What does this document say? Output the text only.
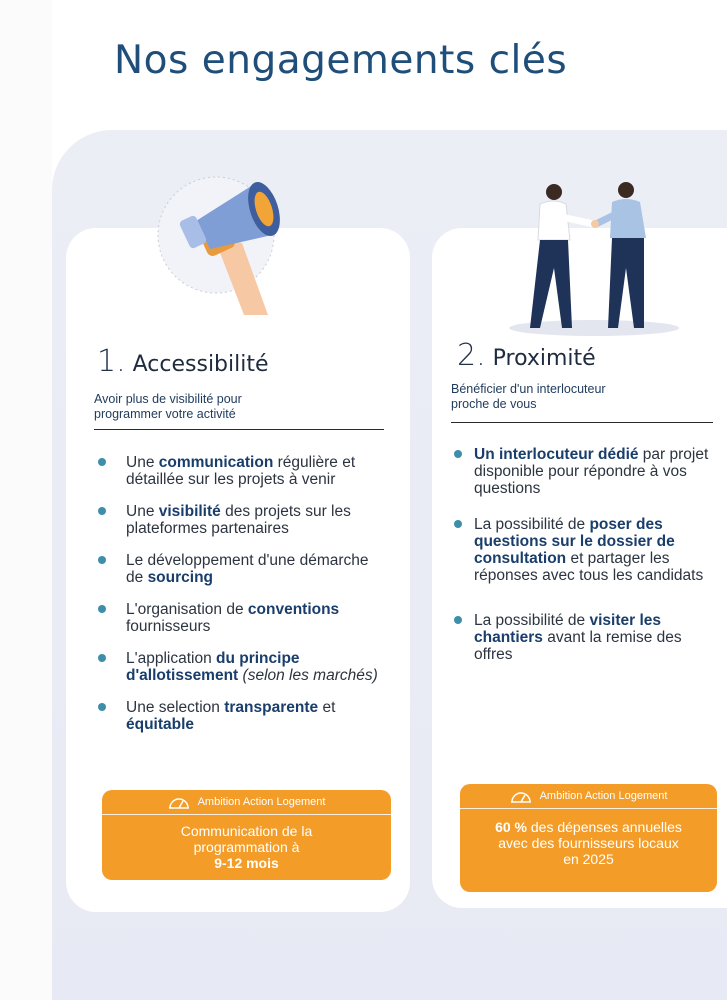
Nos engagements clés
1. Accessibilité

Avoir plus de visibilité pour
programmer votre activité

Une communication régulière et détaillée sur les projets à venir
Une visibilité des projets sur les plateformes partenaires
Le développement d'une démarche de sourcing
L'organisation de conventions fournisseurs
L'application du principe d'allotissement (selon les marchés)
Une selection transparente et équitable
Ambition Action Logement
Communication de la
programmation à
9-12 mois
2. Proximité

Bénéficier d'un interlocuteur
proche de vous

Un interlocuteur dédié par projet disponible pour répondre à vos questions
La possibilité de poser des questions sur le dossier de consultation et partager les réponses avec tous les candidats
La possibilité de visiter les chantiers avant la remise des offres
Ambition Action Logement
60 % des dépenses annuelles
avec des fournisseurs locaux
en 2025
